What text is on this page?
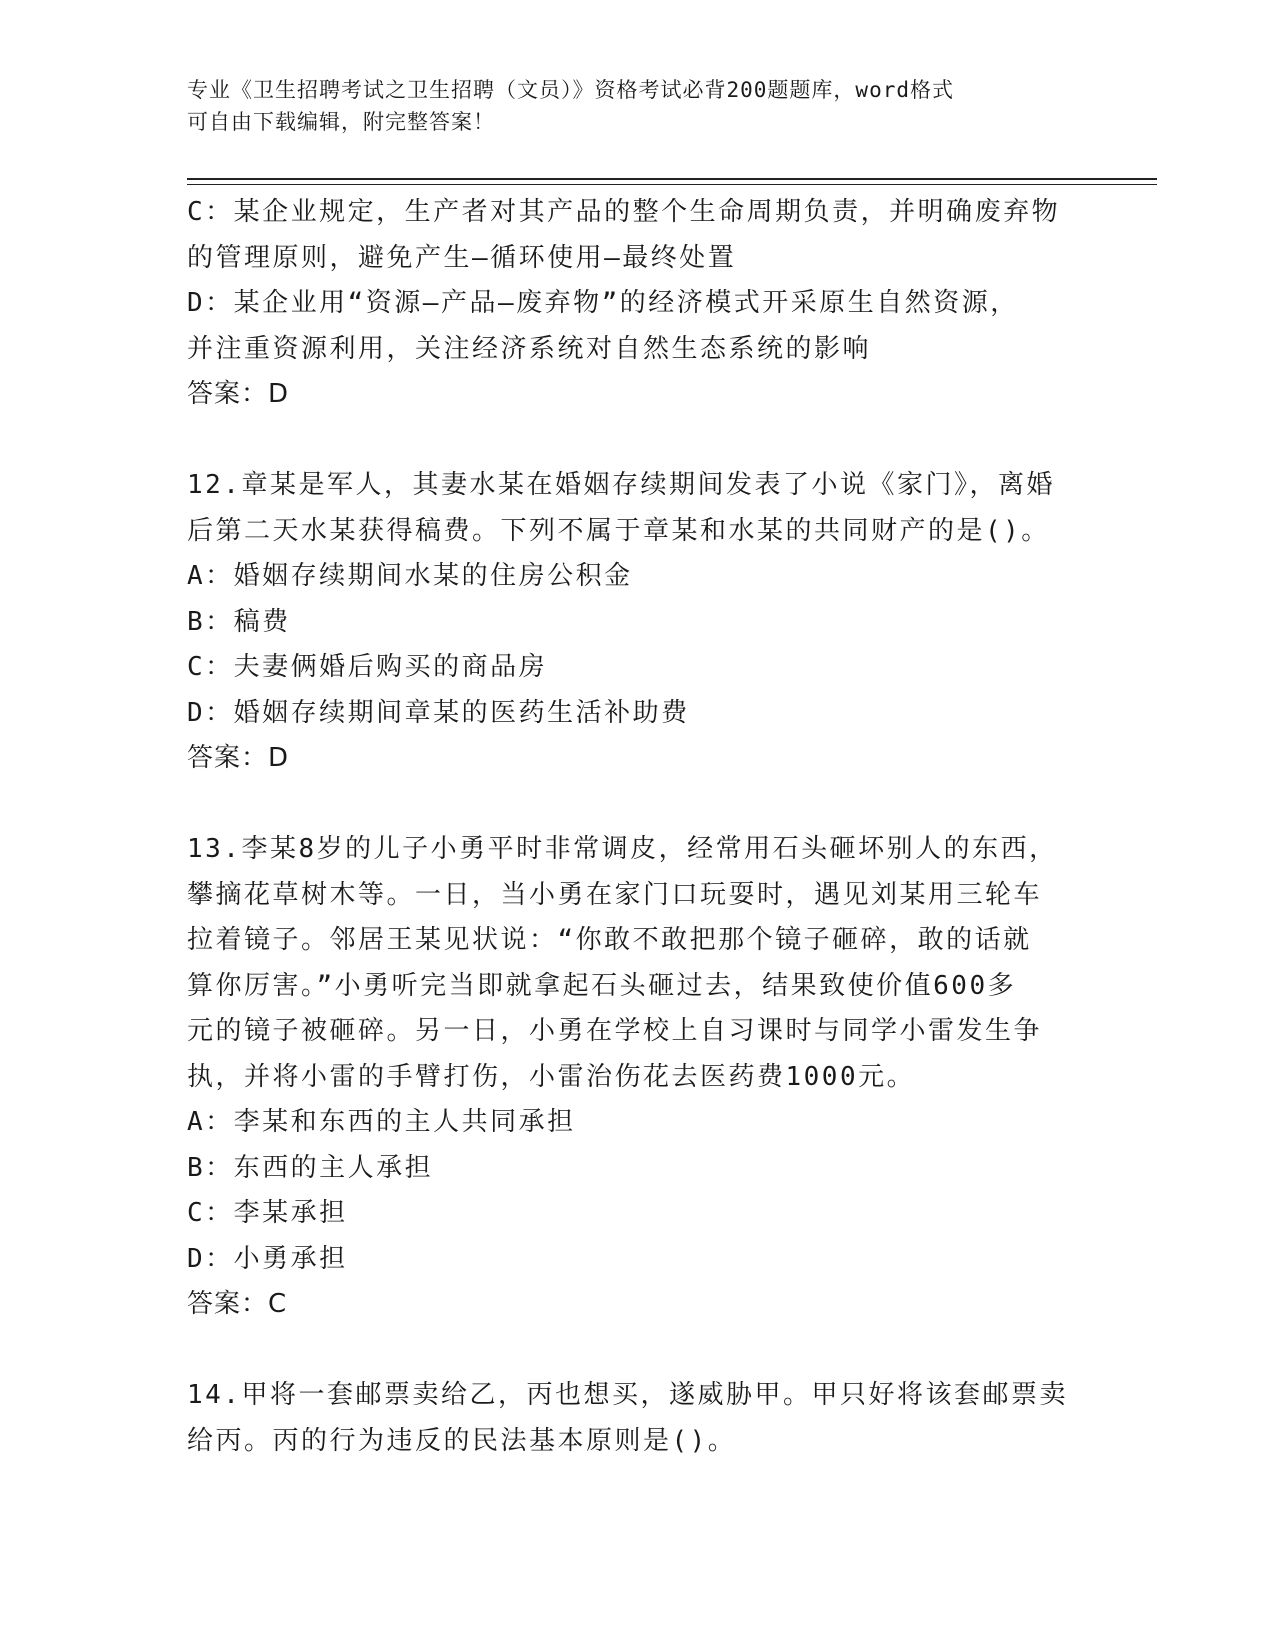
专业《卫生招聘考试之卫生招聘（文员）》资格考试必背200题题库，word格式
可自由下载编辑，附完整答案！
C：某企业规定，生产者对其产品的整个生命周期负责，并明确废弃物
的管理原则，避免产生—循环使用—最终处置
D：某企业用“资源—产品—废弃物”的经济模式开采原生自然资源，
并注重资源利用，关注经济系统对自然生态系统的影响
答案：D
12.章某是军人，其妻水某在婚姻存续期间发表了小说《家门》，离婚
后第二天水某获得稿费。下列不属于章某和水某的共同财产的是()。
A：婚姻存续期间水某的住房公积金
B：稿费
C：夫妻俩婚后购买的商品房
D：婚姻存续期间章某的医药生活补助费
答案：D
13.李某8岁的儿子小勇平时非常调皮，经常用石头砸坏别人的东西，
攀摘花草树木等。一日，当小勇在家门口玩耍时，遇见刘某用三轮车
拉着镜子。邻居王某见状说：“你敢不敢把那个镜子砸碎，敢的话就
算你厉害。”小勇听完当即就拿起石头砸过去，结果致使价值600多
元的镜子被砸碎。另一日，小勇在学校上自习课时与同学小雷发生争
执，并将小雷的手臂打伤，小雷治伤花去医药费1000元。
A：李某和东西的主人共同承担
B：东西的主人承担
C：李某承担
D：小勇承担
答案：C
14.甲将一套邮票卖给乙，丙也想买，遂威胁甲。甲只好将该套邮票卖
给丙。丙的行为违反的民法基本原则是()。
